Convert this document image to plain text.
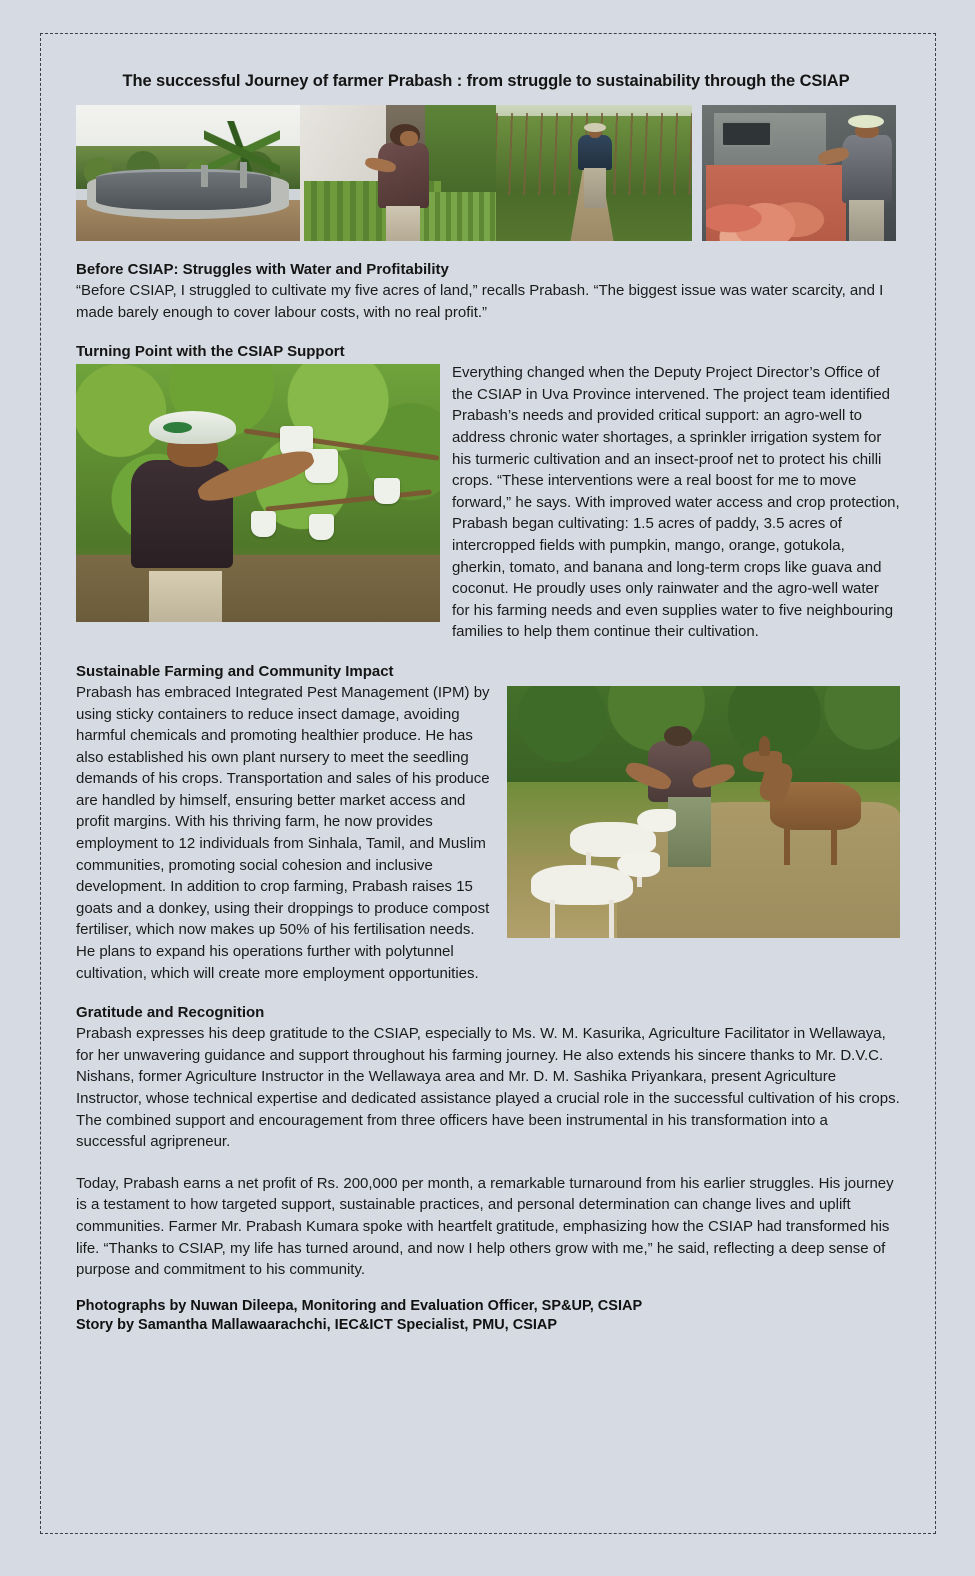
The successful Journey of farmer Prabash : from struggle to sustainability through the CSIAP
Before CSIAP: Struggles with Water and Profitability

“Before CSIAP, I struggled to cultivate my five acres of land,” recalls Prabash. “The biggest issue was water scarcity, and I made barely enough to cover labour costs, with no real profit.”

Turning Point with the CSIAP Support

Everything changed when the Deputy Project Director’s Office of the CSIAP in Uva Province intervened. The project team identified Prabash’s needs and provided critical support: an agro-well to address chronic water shortages, a sprinkler irrigation system for his turmeric cultivation and an insect-proof net to protect his chilli crops. “These interventions were a real boost for me to move forward,” he says. With improved water access and crop protection, Prabash began cultivating: 1.5 acres of paddy, 3.5 acres of intercropped fields with pumpkin, mango, orange, gotukola, gherkin, tomato, and banana and long-term crops like guava and coconut. He proudly uses only rainwater and the agro-well water for his farming needs and even supplies water to five neighbouring families to help them continue their cultivation.

Sustainable Farming and Community Impact

Prabash has embraced Integrated Pest Management (IPM) by using sticky containers to reduce insect damage, avoiding harmful chemicals and promoting healthier produce. He has also established his own plant nursery to meet the seedling demands of his crops. Transportation and sales of his produce are handled by himself, ensuring better market access and profit margins. With his thriving farm, he now provides employment to 12 individuals from Sinhala, Tamil, and Muslim communities, promoting social cohesion and inclusive development. In addition to crop farming, Prabash raises 15 goats and a donkey, using their droppings to produce compost fertiliser, which now makes up 50% of his fertilisation needs. He plans to expand his operations further with polytunnel cultivation, which will create more employment opportunities.

Gratitude and Recognition

Prabash expresses his deep gratitude to the CSIAP, especially to Ms. W. M. Kasurika, Agriculture Facilitator in Wellawaya, for her unwavering guidance and support throughout his farming journey. He also extends his sincere thanks to Mr. D.V.C. Nishans, former Agriculture Instructor in the Wellawaya area and Mr. D. M. Sashika Priyankara, present Agriculture Instructor, whose technical expertise and dedicated assistance played a crucial role in the successful cultivation of his crops. The combined support and encouragement from three officers have been instrumental in his transformation into a successful agripreneur.

Today, Prabash earns a net profit of Rs. 200,000 per month, a remarkable turnaround from his earlier struggles. His journey is a testament to how targeted support, sustainable practices, and personal determination can change lives and uplift communities. Farmer Mr. Prabash Kumara spoke with heartfelt gratitude, emphasizing how the CSIAP had transformed his life. “Thanks to CSIAP, my life has turned around, and now I help others grow with me,” he said, reflecting a deep sense of purpose and commitment to his community.

Photographs by Nuwan Dileepa, Monitoring and Evaluation Officer, SP&UP, CSIAP
Story by Samantha Mallawaarachchi, IEC&ICT Specialist, PMU, CSIAP
